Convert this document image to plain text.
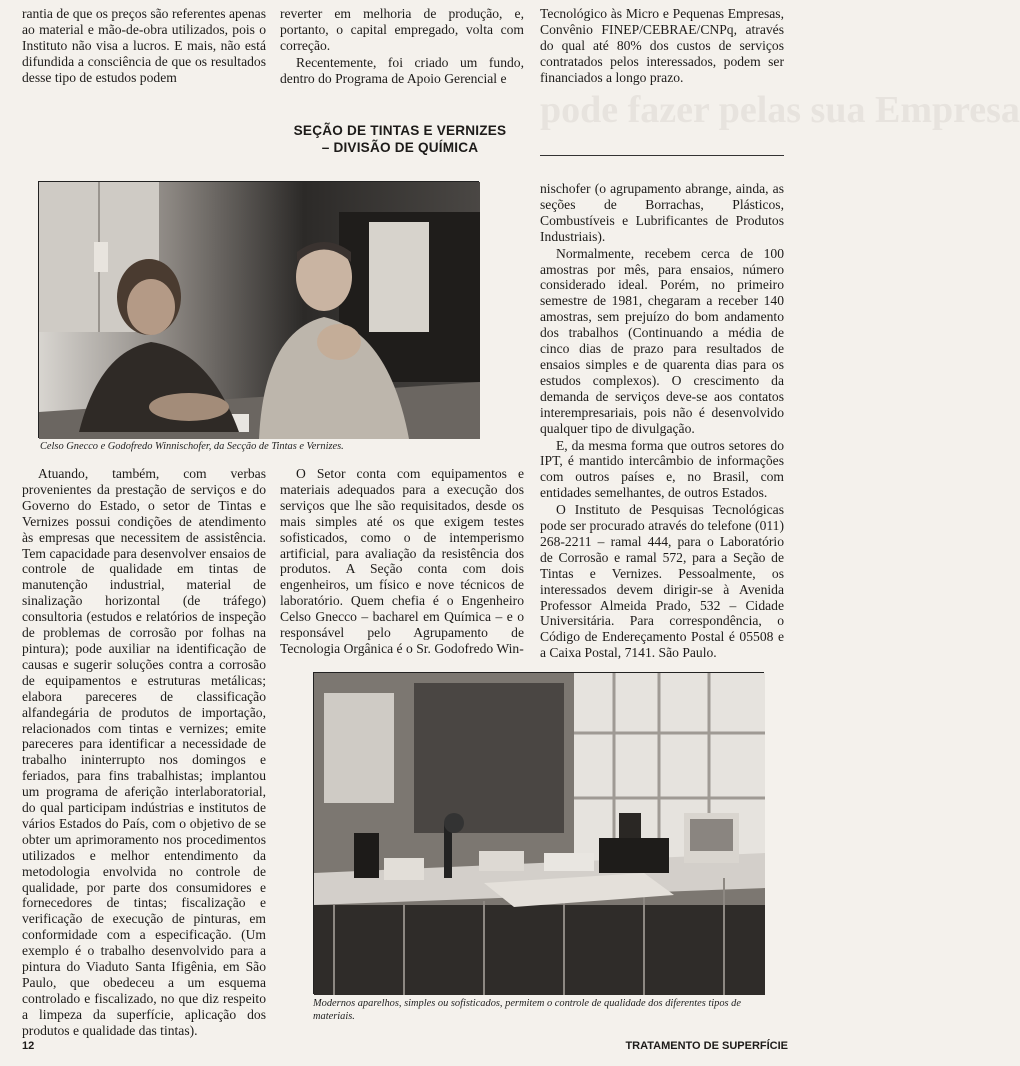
pode fazer pelas sua Empresa

rantia de que os preços são referentes apenas ao material e mão-de-obra utilizados, pois o Instituto não visa a lucros. E mais, não está difundida a consciência de que os resultados desse tipo de estudos podem

reverter em melhoria de produção, e, portanto, o capital empregado, volta com correção.

Recentemente, foi criado um fundo, dentro do Programa de Apoio Gerencial e

Tecnológico às Micro e Pequenas Empresas, Convênio FINEP/CEBRAE/CNPq, através do qual até 80% dos custos de serviços contratados pelos interessados, podem ser financiados a longo prazo.

SEÇÃO DE TINTAS E VERNIZES
– DIVISÃO DE QUÍMICA
Celso Gnecco e Godofredo Winnischofer, da Secção de Tintas e Vernizes.

nischofer (o agrupamento abrange, ainda, as seções de Borrachas, Plásticos, Combustíveis e Lubrificantes de Produtos Industriais).

Normalmente, recebem cerca de 100 amostras por mês, para ensaios, número considerado ideal. Porém, no primeiro semestre de 1981, chegaram a receber 140 amostras, sem prejuízo do bom andamento dos trabalhos (Continuando a média de cinco dias de prazo para resultados de ensaios simples e de quarenta dias para os estudos complexos). O crescimento da demanda de serviços deve-se aos contatos interempresariais, pois não é desenvolvido qualquer tipo de divulgação.

E, da mesma forma que outros setores do IPT, é mantido intercâmbio de informações com outros países e, no Brasil, com entidades semelhantes, de outros Estados.

O Instituto de Pesquisas Tecnológicas pode ser procurado através do telefone (011) 268-2211 – ramal 444, para o Laboratório de Corrosão e ramal 572, para a Seção de Tintas e Vernizes. Pessoalmente, os interessados devem dirigir-se à Avenida Professor Almeida Prado, 532 – Cidade Universitária. Para correspondência, o Código de Endereçamento Postal é 05508 e a Caixa Postal, 7141. São Paulo.

Atuando, também, com verbas provenientes da prestação de serviços e do Governo do Estado, o setor de Tintas e Vernizes possui condições de atendimento às empresas que necessitem de assistência. Tem capacidade para desenvolver ensaios de controle de qualidade em tintas de manutenção industrial, material de sinalização horizontal (de tráfego) consultoria (estudos e relatórios de inspeção de problemas de corrosão por folhas na pintura); pode auxiliar na identificação de causas e sugerir soluções contra a corrosão de equipamentos e estruturas metálicas; elabora pareceres de classificação alfandegária de produtos de importação, relacionados com tintas e vernizes; emite pareceres para identificar a necessidade de trabalho ininterrupto nos domingos e feriados, para fins trabalhistas; implantou um programa de aferição interlaboratorial, do qual participam indústrias e institutos de vários Estados do País, com o objetivo de se obter um aprimoramento nos procedimentos utilizados e melhor entendimento da metodologia envolvida no controle de qualidade, por parte dos consumidores e fornecedores de tintas; fiscalização e verificação de execução de pinturas, em conformidade com a especificação. (Um exemplo é o trabalho desenvolvido para a pintura do Viaduto Santa Ifigênia, em São Paulo, que obedeceu a um esquema controlado e fiscalizado, no que diz respeito a limpeza da superfície, aplicação dos produtos e qualidade das tintas).

O Setor conta com equipamentos e materiais adequados para a execução dos serviços que lhe são requisitados, desde os mais simples até os que exigem testes sofisticados, como o de intemperismo artificial, para avaliação da resistência dos produtos. A Seção conta com dois engenheiros, um físico e nove técnicos de laboratório. Quem chefia é o Engenheiro Celso Gnecco – bacharel em Química – e o responsável pelo Agrupamento de Tecnologia Orgânica é o Sr. Godofredo Win-

Modernos aparelhos, simples ou sofisticados, permitem o controle de qualidade dos diferentes tipos de materiais.
12	TRATAMENTO DE SUPERFÍCIE
